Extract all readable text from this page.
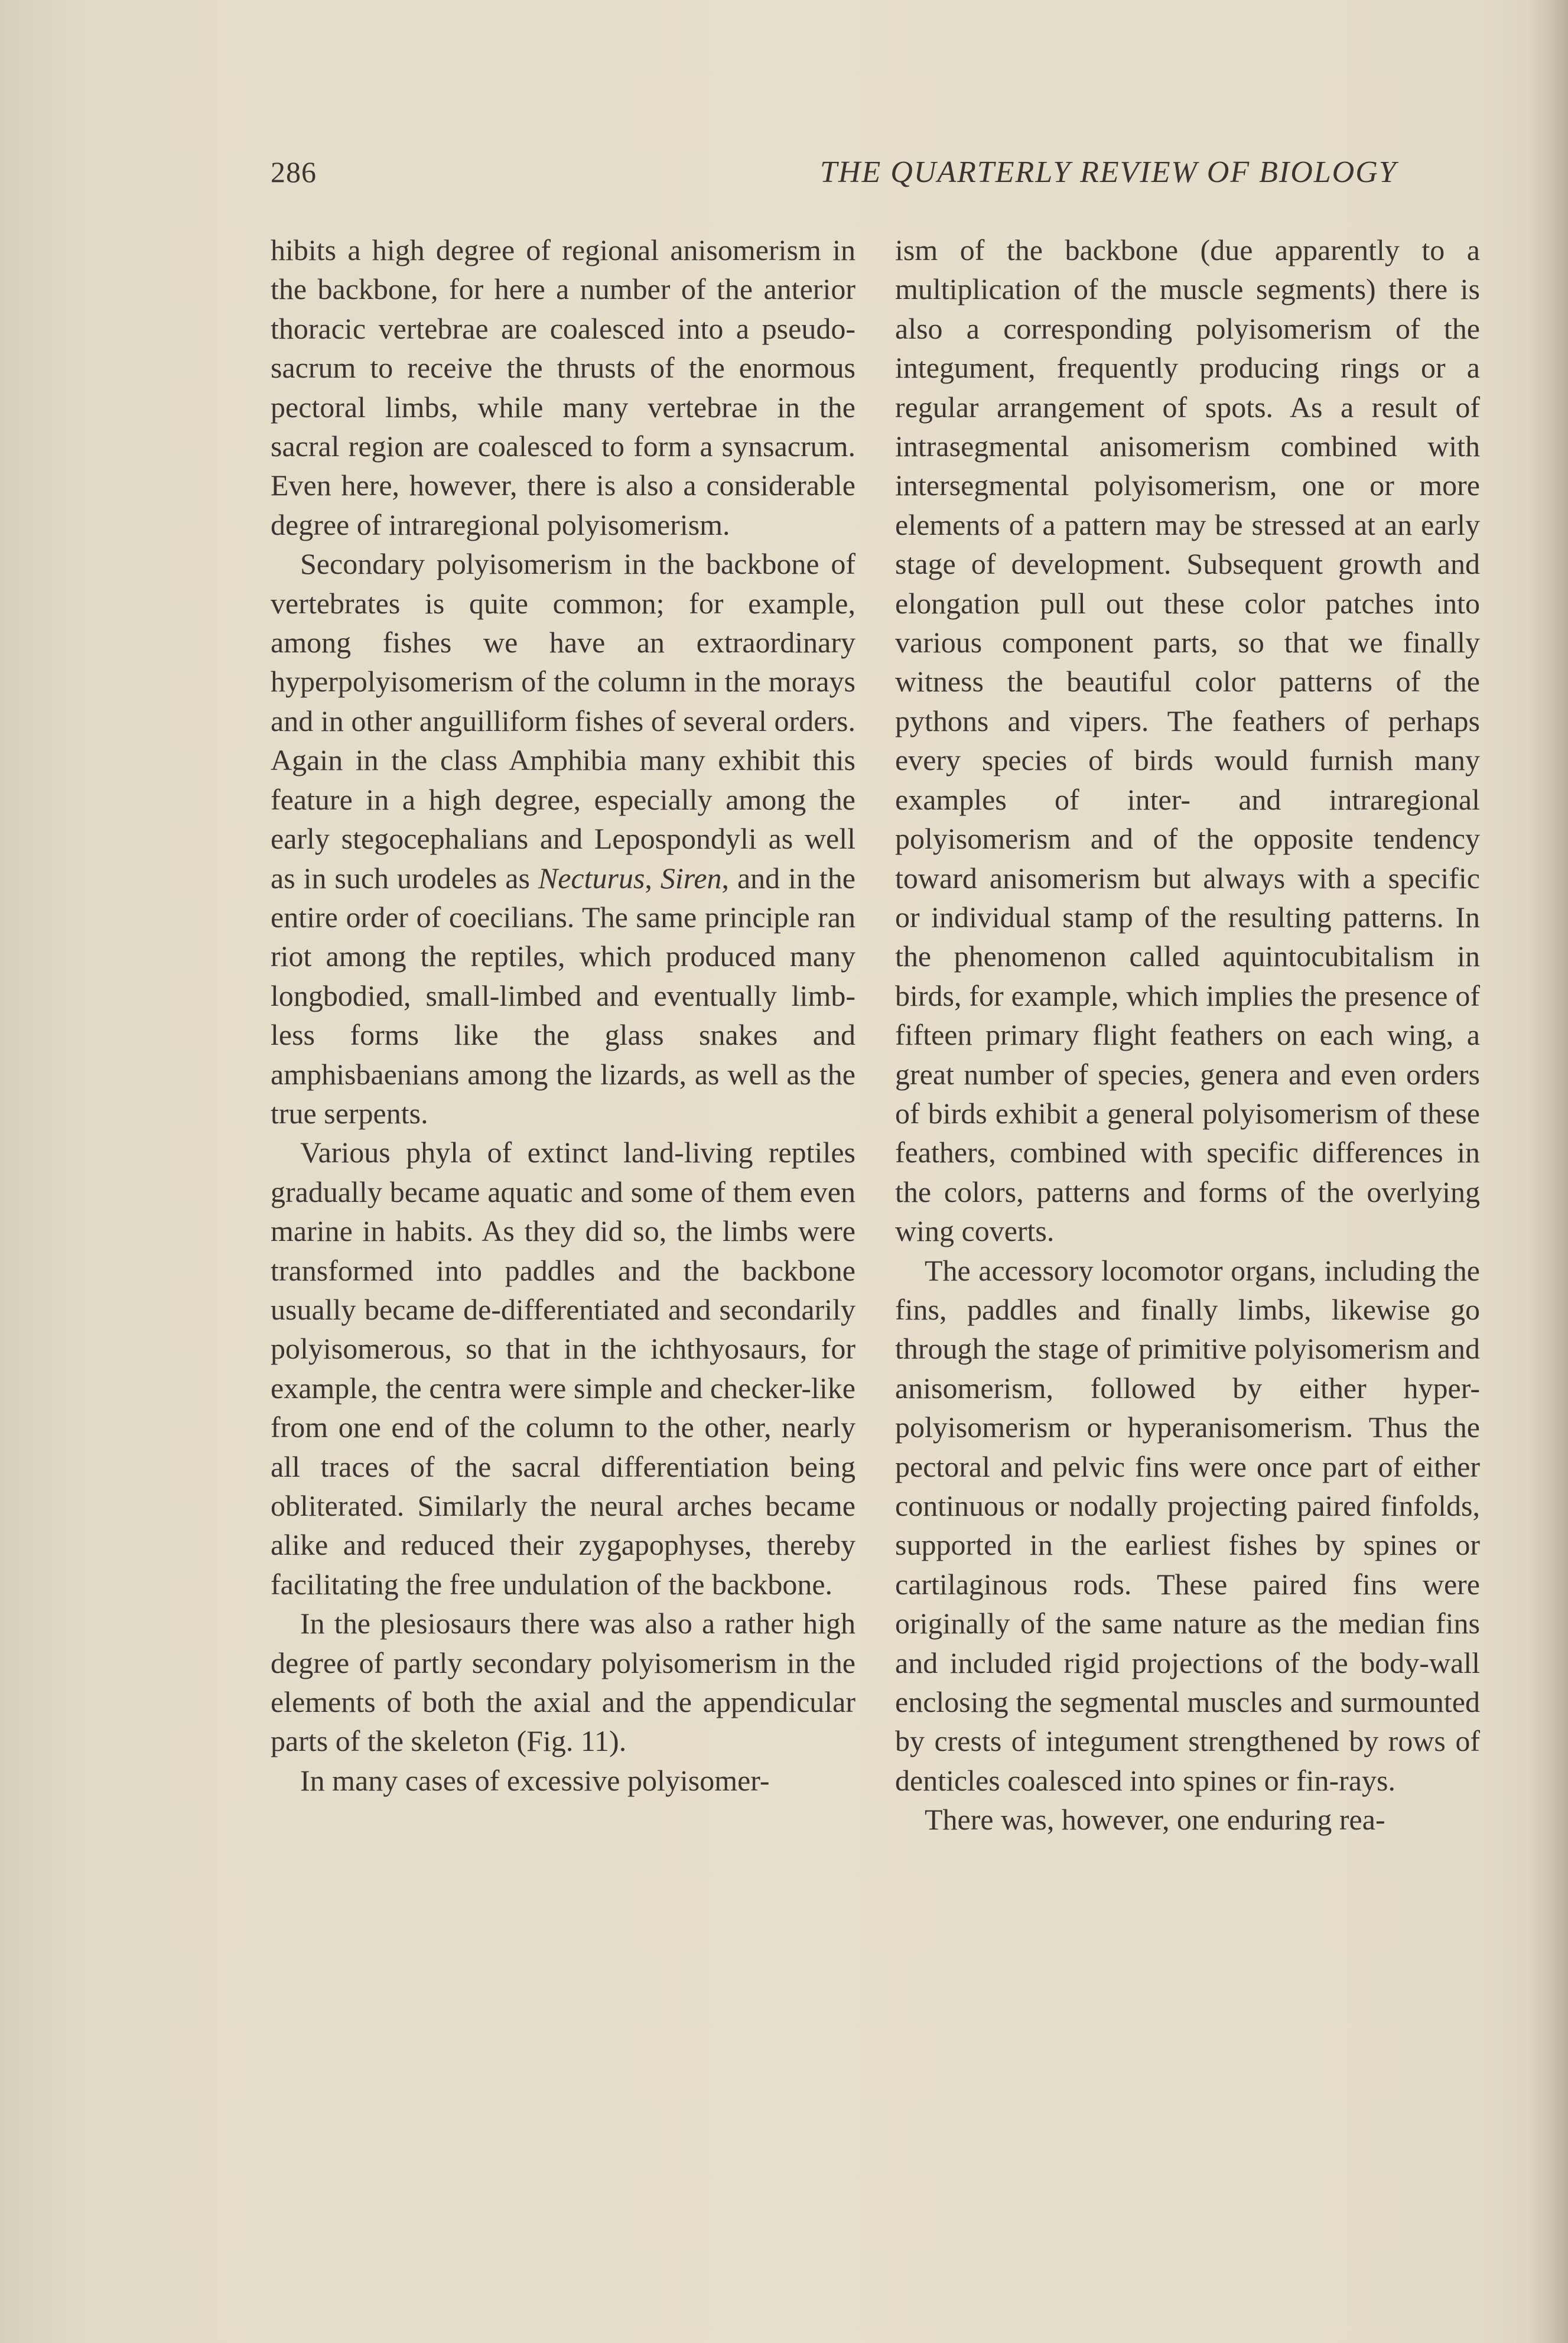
286	THE QUARTERLY REVIEW OF BIOLOGY

hibits a high degree of regional anisomerism in the backbone, for here a number of the anterior thoracic vertebrae are coalesced into a pseudo-sacrum to receive the thrusts of the enormous pectoral limbs, while many vertebrae in the sacral region are coalesced to form a synsacrum. Even here, however, there is also a considerable degree of intraregional polyisomerism.

Secondary polyisomerism in the backbone of vertebrates is quite common; for example, among fishes we have an extraordinary hyperpolyisomerism of the column in the morays and in other anguilliform fishes of several orders. Again in the class Amphibia many exhibit this feature in a high degree, especially among the early stegocephalians and Lepospondyli as well as in such urodeles as Necturus, Siren, and in the entire order of coecilians. The same principle ran riot among the reptiles, which produced many longbodied, small-limbed and eventually limbless forms like the glass snakes and amphisbaenians among the lizards, as well as the true serpents.

Various phyla of extinct land-living reptiles gradually became aquatic and some of them even marine in habits. As they did so, the limbs were transformed into paddles and the backbone usually became de-differentiated and secondarily polyisomerous, so that in the ichthyosaurs, for example, the centra were simple and checker-like from one end of the column to the other, nearly all traces of the sacral differentiation being obliterated. Similarly the neural arches became alike and reduced their zygapophyses, thereby facilitating the free undulation of the backbone.

In the plesiosaurs there was also a rather high degree of partly secondary polyisomerism in the elements of both the axial and the appendicular parts of the skeleton (Fig. 11).

In many cases of excessive polyisomer-

ism of the backbone (due apparently to a multiplication of the muscle segments) there is also a corresponding polyisomerism of the integument, frequently producing rings or a regular arrangement of spots. As a result of intrasegmental anisomerism combined with intersegmental polyisomerism, one or more elements of a pattern may be stressed at an early stage of development. Subsequent growth and elongation pull out these color patches into various component parts, so that we finally witness the beautiful color patterns of the pythons and vipers. The feathers of perhaps every species of birds would furnish many examples of inter- and intraregional polyisomerism and of the opposite tendency toward anisomerism but always with a specific or individual stamp of the resulting patterns. In the phenomenon called aquintocubitalism in birds, for example, which implies the presence of fifteen primary flight feathers on each wing, a great number of species, genera and even orders of birds exhibit a general polyisomerism of these feathers, combined with specific differences in the colors, patterns and forms of the overlying wing coverts.

The accessory locomotor organs, including the fins, paddles and finally limbs, likewise go through the stage of primitive polyisomerism and anisomerism, followed by either hyper-polyisomerism or hyperanisomerism. Thus the pectoral and pelvic fins were once part of either continuous or nodally projecting paired finfolds, supported in the earliest fishes by spines or cartilaginous rods. These paired fins were originally of the same nature as the median fins and included rigid projections of the body-wall enclosing the segmental muscles and surmounted by crests of integument strengthened by rows of denticles coalesced into spines or fin-rays.

There was, however, one enduring rea-
